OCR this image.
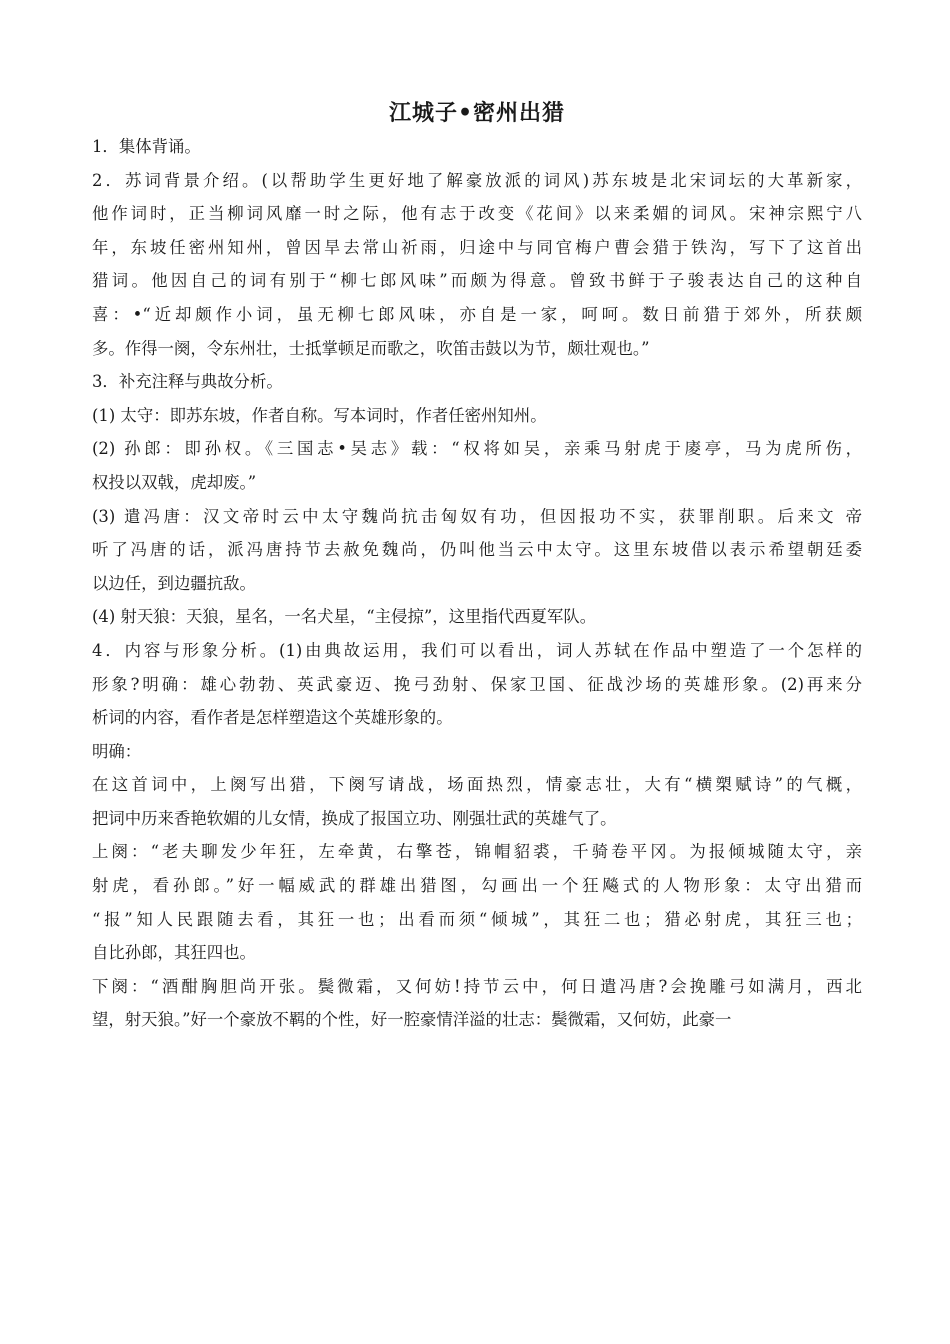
江城子•密州出猎

1．集体背诵。

2．苏词背景介绍。(以帮助学生更好地了解豪放派的词风)苏东坡是北宋词坛的大革新家，
他作词时，正当柳词风靡一时之际，他有志于改变《花间》以来柔媚的词风。宋神宗熙宁八
年，东坡任密州知州，曾因旱去常山祈雨，归途中与同官梅户曹会猎于铁沟，写下了这首出
猎词。他因自己的词有别于“柳七郎风味”而颇为得意。曾致书鲜于子骏表达自己的这种自
喜：•“近却颇作小词，虽无柳七郎风味，亦自是一家，呵呵。数日前猎于郊外，所获颇
多。作得一阕，令东州壮，士抵掌顿足而歌之，吹笛击鼓以为节，颇壮观也。”

3．补充注释与典故分析。

(1) 太守：即苏东坡，作者自称。写本词时，作者任密州知州。

(2) 孙郎：即孙权。《三国志•吴志》载：“权将如吴，亲乘马射虎于庱亭，马为虎所伤，
权投以双戟，虎却废。”

(3) 遣冯唐：汉文帝时云中太守魏尚抗击匈奴有功，但因报功不实，获罪削职。后来文 帝
听了冯唐的话，派冯唐持节去赦免魏尚，仍叫他当云中太守。这里东坡借以表示希望朝廷委
以边任，到边疆抗敌。

(4) 射天狼：天狼，星名，一名犬星，“主侵掠”，这里指代西夏军队。

4．内容与形象分析。(1)由典故运用，我们可以看出，词人苏轼在作品中塑造了一个怎样的
形象?明确：雄心勃勃、英武豪迈、挽弓劲射、保家卫国、征战沙场的英雄形象。(2)再来分
析词的内容，看作者是怎样塑造这个英雄形象的。

明确：

在这首词中，上阕写出猎，下阕写请战，场面热烈，情豪志壮，大有“横槊赋诗”的气概，
把词中历来香艳软媚的儿女情，换成了报国立功、刚强壮武的英雄气了。

上阕：“老夫聊发少年狂，左牵黄，右擎苍，锦帽貂裘，千骑卷平冈。为报倾城随太守，亲
射虎，看孙郎。”好一幅威武的群雄出猎图，勾画出一个狂飚式的人物形象：太守出猎而
“报”知人民跟随去看，其狂一也；出看而须“倾城”，其狂二也；猎必射虎，其狂三也；
自比孙郎，其狂四也。

下阕：“酒酣胸胆尚开张。鬓微霜，又何妨!持节云中，何日遣冯唐?会挽雕弓如满月，西北
望，射天狼。”好一个豪放不羁的个性，好一腔豪情洋溢的壮志：鬓微霜，又何妨，此豪一
